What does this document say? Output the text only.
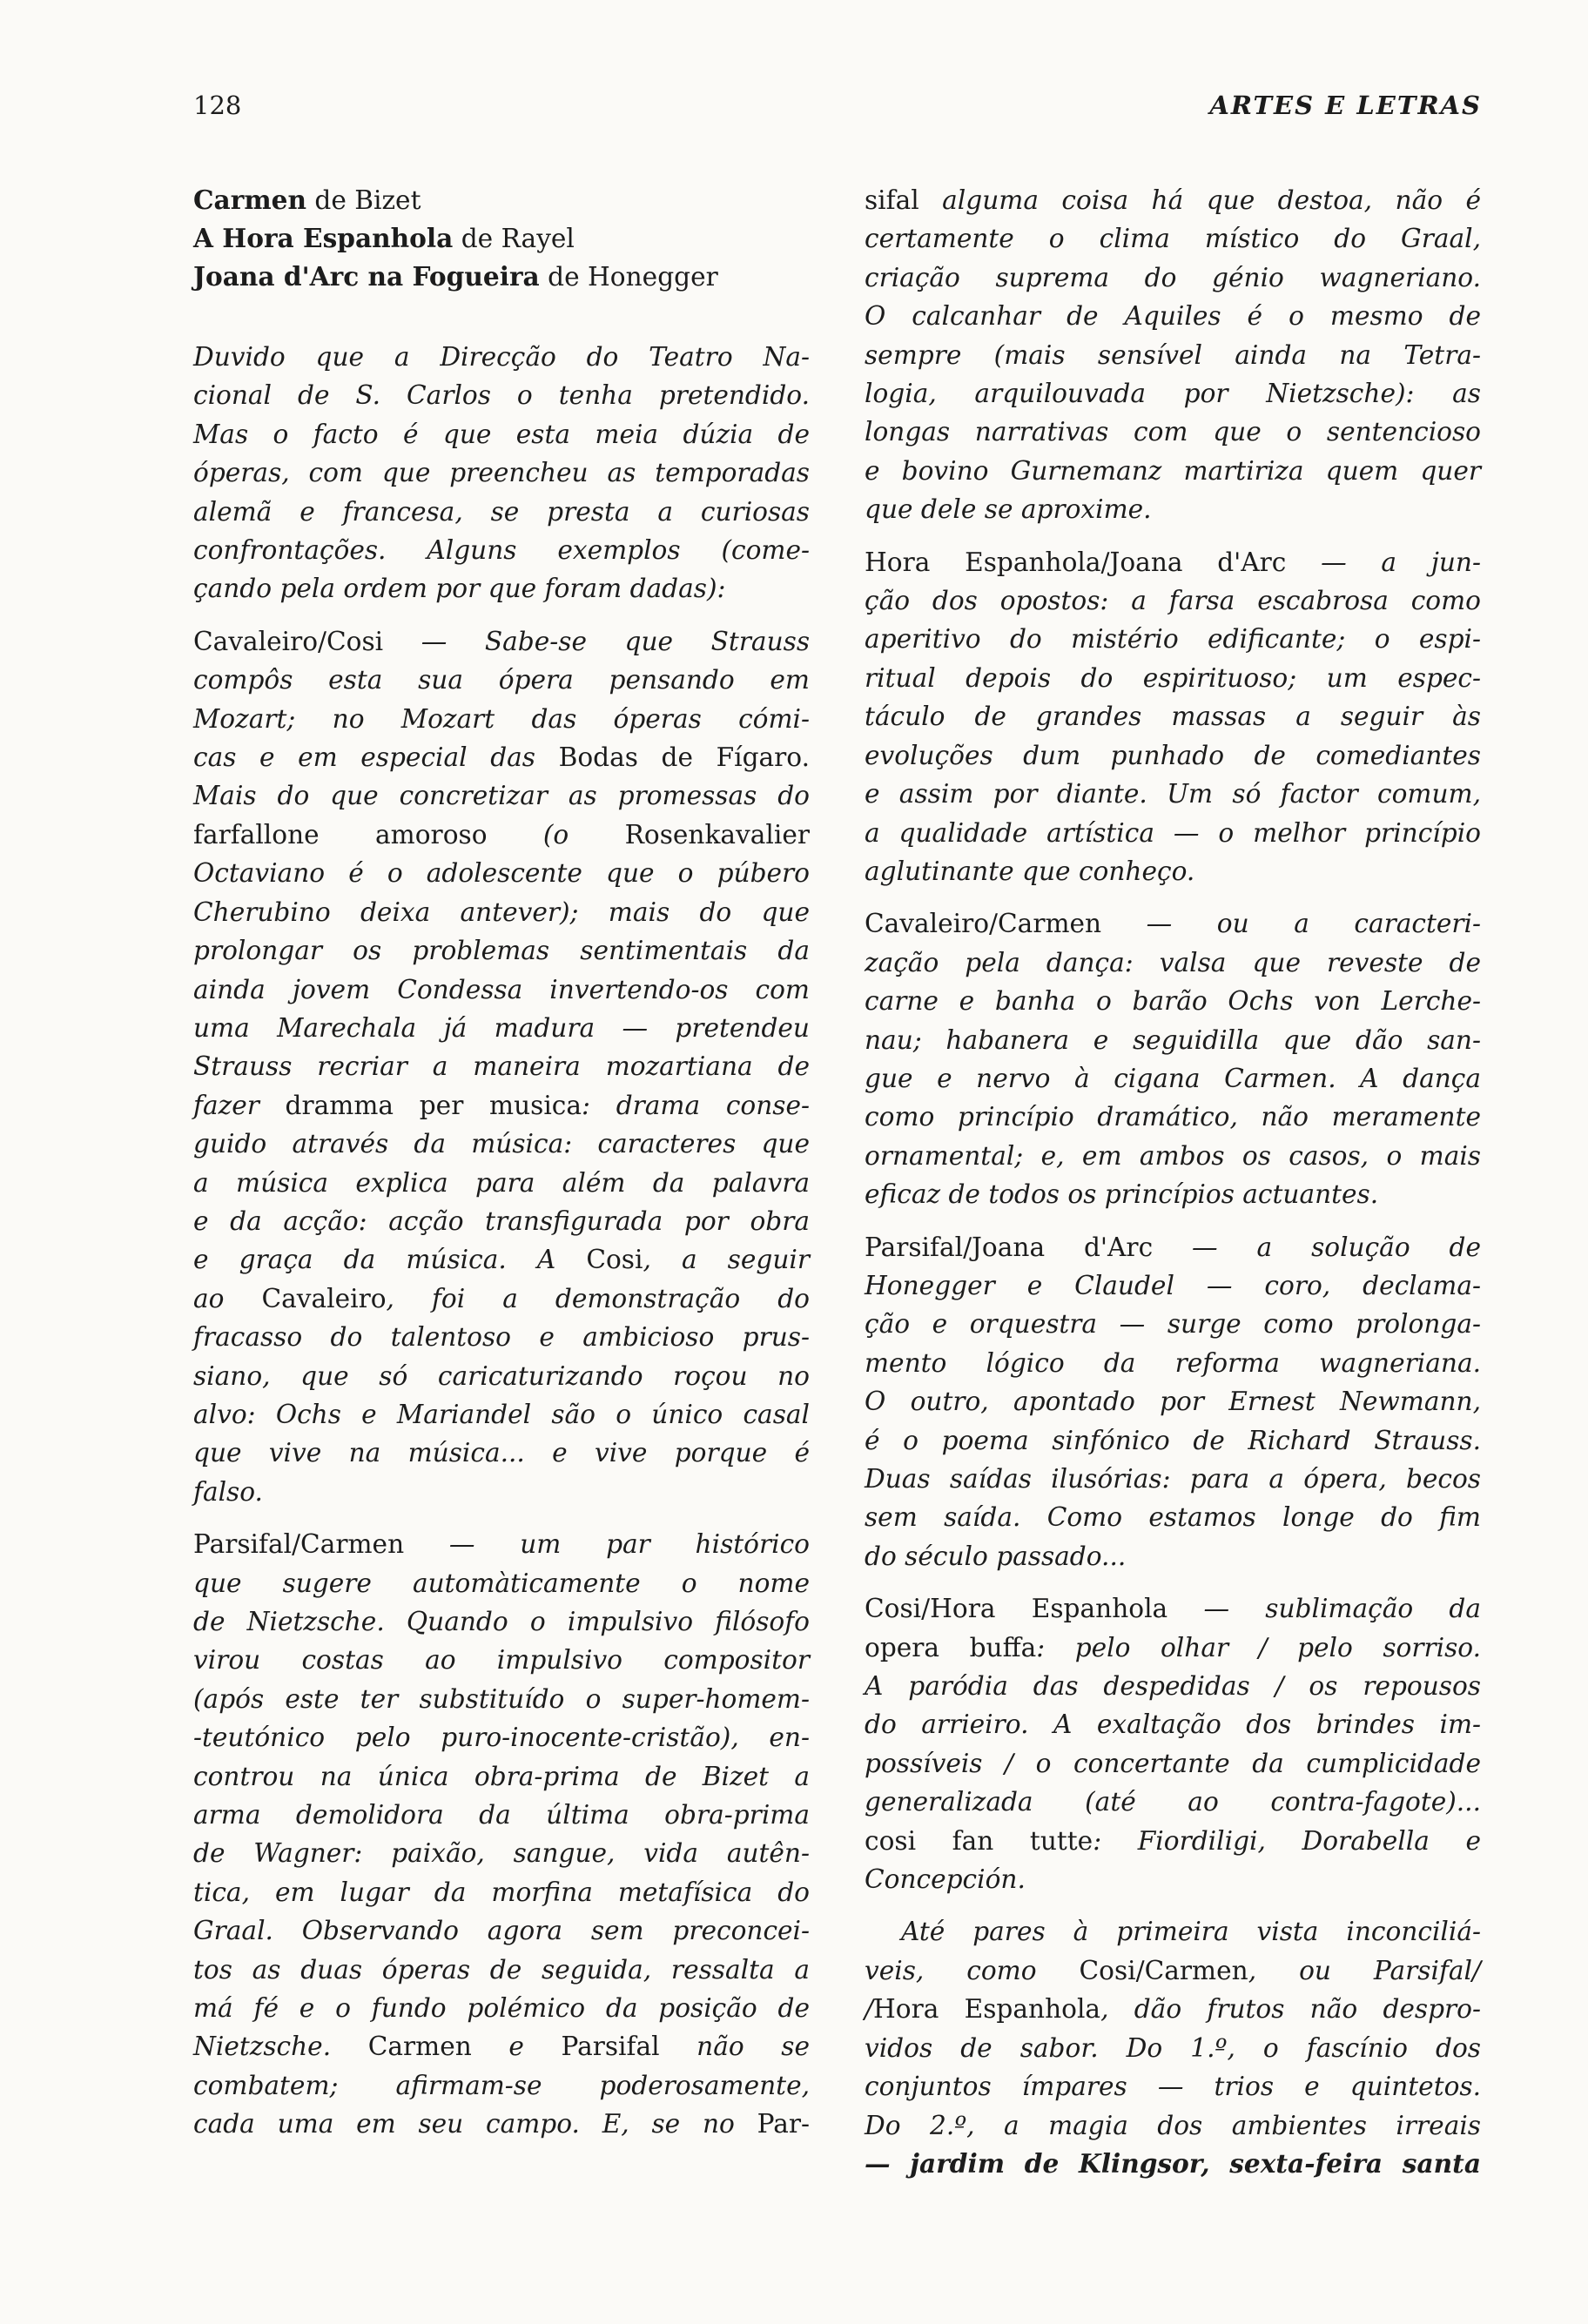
128	ARTES E LETRAS

Carmen de Bizet

A Hora Espanhola de Rayel

Joana d'Arc na Fogueira de Honegger

Duvido que a Direcção do Teatro Na-
cional de S. Carlos o tenha pretendido.
Mas o facto é que esta meia dúzia de
óperas, com que preencheu as temporadas
alemã e francesa, se presta a curiosas
confrontações. Alguns exemplos (come-
çando pela ordem por que foram dadas):
Cavaleiro/Cosi — Sabe-se que Strauss
compôs esta sua ópera pensando em
Mozart; no Mozart das óperas cómi-
cas e em especial das Bodas de Fígaro.
Mais do que concretizar as promessas do
farfallone amoroso (o Rosenkavalier
Octaviano é o adolescente que o púbero
Cherubino deixa antever); mais do que
prolongar os problemas sentimentais da
ainda jovem Condessa invertendo-os com
uma Marechala já madura — pretendeu
Strauss recriar a maneira mozartiana de
fazer dramma per musica: drama conse-
guido através da música: caracteres que
a música explica para além da palavra
e da acção: acção transfigurada por obra
e graça da música. A Cosi, a seguir
ao Cavaleiro, foi a demonstração do
fracasso do talentoso e ambicioso prus-
siano, que só caricaturizando roçou no
alvo: Ochs e Mariandel são o único casal
que vive na música... e vive porque é
falso.
Parsifal/Carmen — um par histórico
que sugere automàticamente o nome
de Nietzsche. Quando o impulsivo filósofo
virou costas ao impulsivo compositor
(após este ter substituído o super-homem-
-teutónico pelo puro-inocente-cristão), en-
controu na única obra-prima de Bizet a
arma demolidora da última obra-prima
de Wagner: paixão, sangue, vida autên-
tica, em lugar da morfina metafísica do
Graal. Observando agora sem preconcei-
tos as duas óperas de seguida, ressalta a
má fé e o fundo polémico da posição de
Nietzsche. Carmen e Parsifal não se
combatem; afirmam-se poderosamente,
cada uma em seu campo. E, se no Par-
sifal alguma coisa há que destoa, não é
certamente o clima místico do Graal,
criação suprema do génio wagneriano.
O calcanhar de Aquiles é o mesmo de
sempre (mais sensível ainda na Tetra-
logia, arquilouvada por Nietzsche): as
longas narrativas com que o sentencioso
e bovino Gurnemanz martiriza quem quer
que dele se aproxime.
Hora Espanhola/Joana d'Arc — a jun-
ção dos opostos: a farsa escabrosa como
aperitivo do mistério edificante; o espi-
ritual depois do espirituoso; um espec-
táculo de grandes massas a seguir às
evoluções dum punhado de comediantes
e assim por diante. Um só factor comum,
a qualidade artística — o melhor princípio
aglutinante que conheço.
Cavaleiro/Carmen — ou a caracteri-
zação pela dança: valsa que reveste de
carne e banha o barão Ochs von Lerche-
nau; habanera e seguidilla que dão san-
gue e nervo à cigana Carmen. A dança
como princípio dramático, não meramente
ornamental; e, em ambos os casos, o mais
eficaz de todos os princípios actuantes.
Parsifal/Joana d'Arc — a solução de
Honegger e Claudel — coro, declama-
ção e orquestra — surge como prolonga-
mento lógico da reforma wagneriana.
O outro, apontado por Ernest Newmann,
é o poema sinfónico de Richard Strauss.
Duas saídas ilusórias: para a ópera, becos
sem saída. Como estamos longe do fim
do século passado...
Cosi/Hora Espanhola — sublimação da
opera buffa: pelo olhar / pelo sorriso.
A paródia das despedidas / os repousos
do arrieiro. A exaltação dos brindes im-
possíveis / o concertante da cumplicidade
generalizada (até ao contra-fagote)...
cosi fan tutte: Fiordiligi, Dorabella e
Concepción.
Até pares à primeira vista inconciliá-
veis, como Cosi/Carmen, ou Parsifal/
/Hora Espanhola, dão frutos não despro-
vidos de sabor. Do 1.º, o fascínio dos
conjuntos ímpares — trios e quintetos.
Do 2.º, a magia dos ambientes irreais
— jardim de Klingsor, sexta-feira santa
